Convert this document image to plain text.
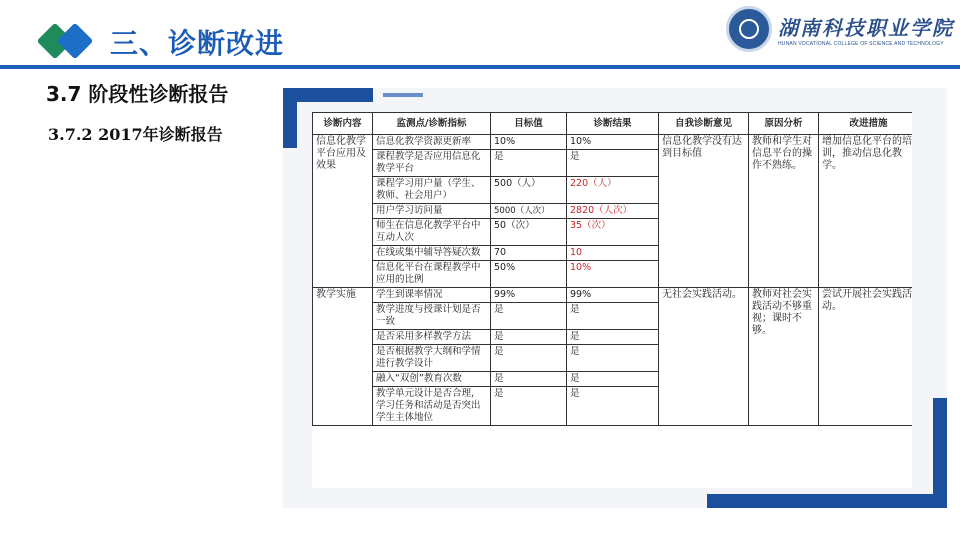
三、诊断改进	湖南科技职业学院
HUNAN VOCATIONAL COLLEGE OF SCIENCE AND TECHNOLOGY
3.7 阶段性诊断报告
3.7.2 2017年诊断报告
诊断内容	监测点/诊断指标	目标值	诊断结果	自我诊断意见	原因分析	改进措施
信息化教学平台应用及效果	信息化教学资源更新率	10%	10%	信息化教学没有达到目标值	教师和学生对信息平台的操作不熟练。	增加信息化平台的培训，推动信息化教学。
	课程教学是否应用信息化教学平台	是	是			
	课程学习用户量（学生、教师、社会用户）	500（人）	220（人）			
	用户学习访问量	5000（人次）	2820（人次）			
	师生在信息化教学平台中互动人次	50（次）	35（次）			
	在线或集中辅导答疑次数	70	10			
	信息化平台在课程教学中应用的比例	50%	10%			
教学实施	学生到课率情况	99%	99%	无社会实践活动。	教师对社会实践活动不够重视；课时不够。	尝试开展社会实践活动。
	教学进度与授课计划是否一致	是	是			
	是否采用多样教学方法	是	是			
	是否根据教学大纲和学情进行教学设计	是	是			
	融入“双创”教育次数	是	是			
	教学单元设计是否合理，学习任务和活动是否突出学生主体地位	是	是			
